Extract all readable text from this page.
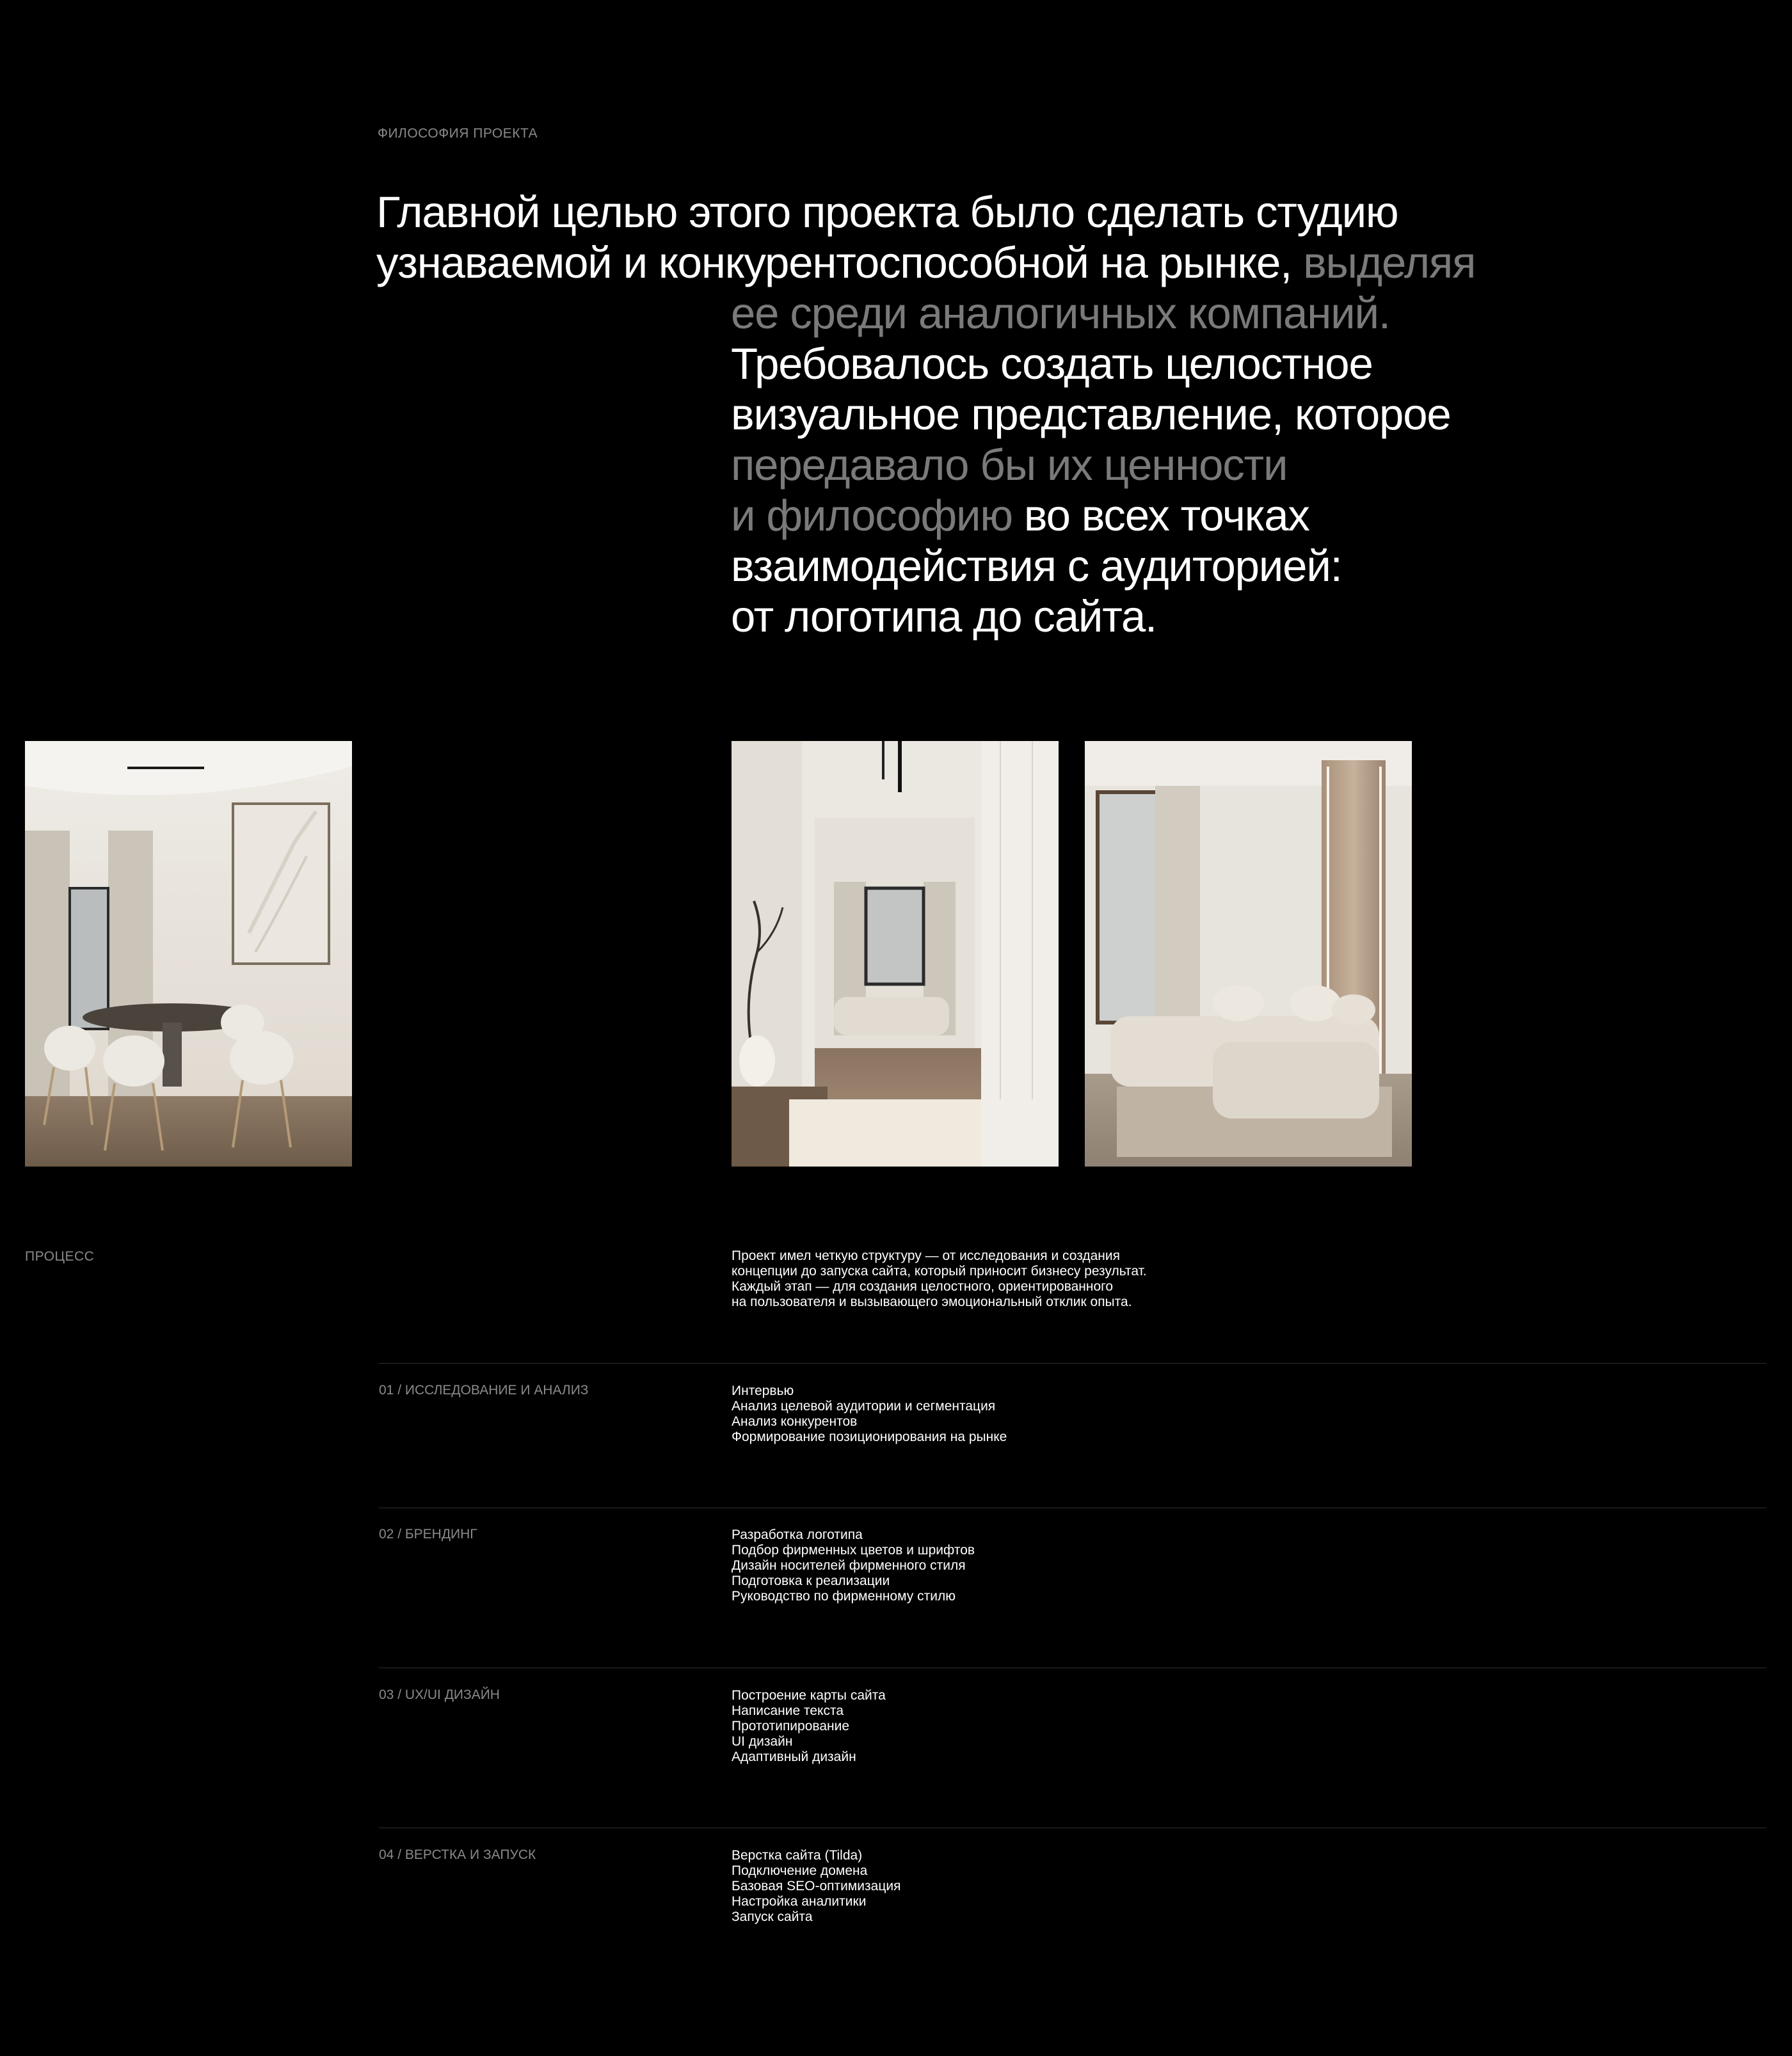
ФИЛОСОФИЯ ПРОЕКТА
Главной целью этого проекта было сделать студию
узнаваемой и конкурентоспособной на рынке, выделяя
ее среди аналогичных компаний.
Требовалось создать целостное
визуальное представление, которое
передавало бы их ценности
и философию во всех точках
взаимодействия с аудиторией:
от логотипа до сайта.
ПРОЦЕСС	Проект имел четкую структуру — от исследования и создания
концепции до запуска сайта, который приносит бизнесу результат.
Каждый этап — для создания целостного, ориентированного
на пользователя и вызывающего эмоциональный отклик опыта.
01 / ИССЛЕДОВАНИЕ И АНАЛИЗ	Интервью
Анализ целевой аудитории и сегментация
Анализ конкурентов
Формирование позиционирования на рынке
02 / БРЕНДИНГ	Разработка логотипа
Подбор фирменных цветов и шрифтов
Дизайн носителей фирменного стиля
Подготовка к реализации
Руководство по фирменному стилю
03 / UX/UI ДИЗАЙН	Построение карты сайта
Написание текста
Прототипирование
UI дизайн
Адаптивный дизайн
04 / ВЕРСТКА И ЗАПУСК	Верстка сайта (Tilda)
Подключение домена
Базовая SEO-оптимизация
Настройка аналитики
Запуск сайта
